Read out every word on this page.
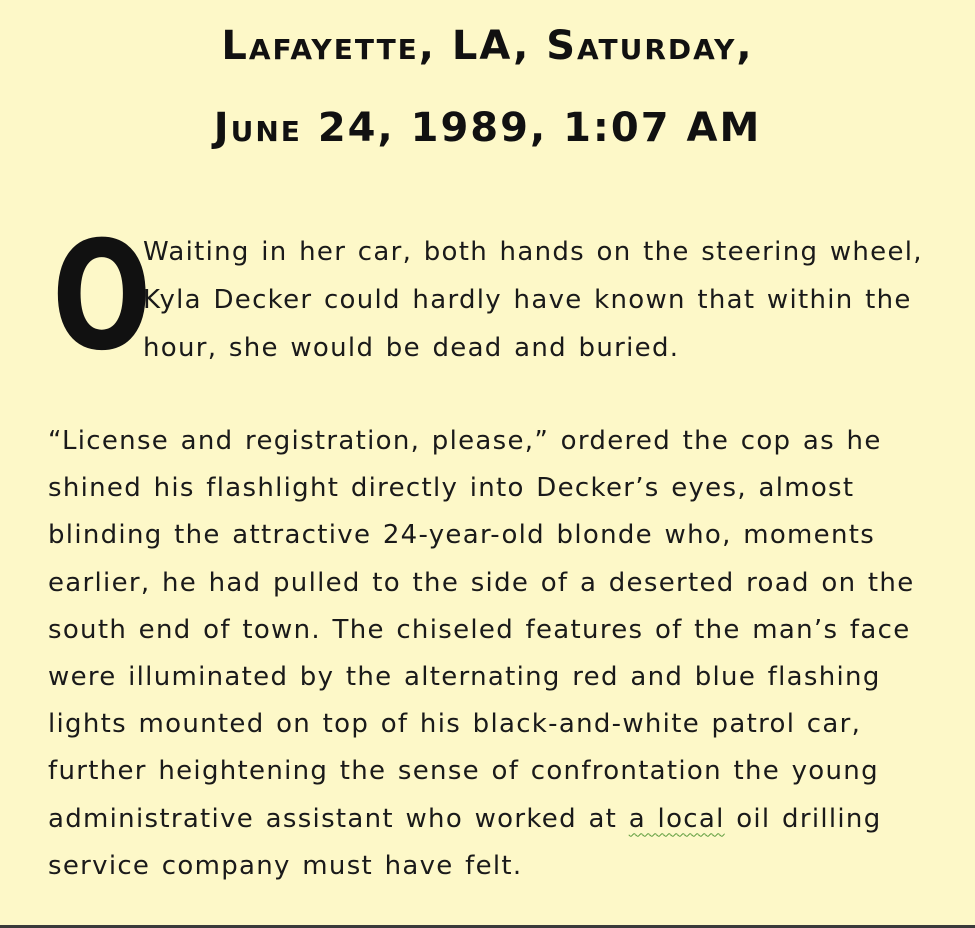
Lafayette, LA, Saturday,
June 24, 1989, 1:07 AM
O
Waiting in her car, both hands on the steering wheel,
Kyla Decker could hardly have known that within the
hour, she would be dead and buried.
“License and registration, please,” ordered the cop as he
shined his flashlight directly into Decker’s eyes, almost
blinding the attractive 24-year-old blonde who, moments
earlier, he had pulled to the side of a deserted road on the
south end of town. The chiseled features of the man’s face
were illuminated by the alternating red and blue flashing
lights mounted on top of his black-and-white patrol car,
further heightening the sense of confrontation the young
administrative assistant who worked at a local oil drilling
service company must have felt.
